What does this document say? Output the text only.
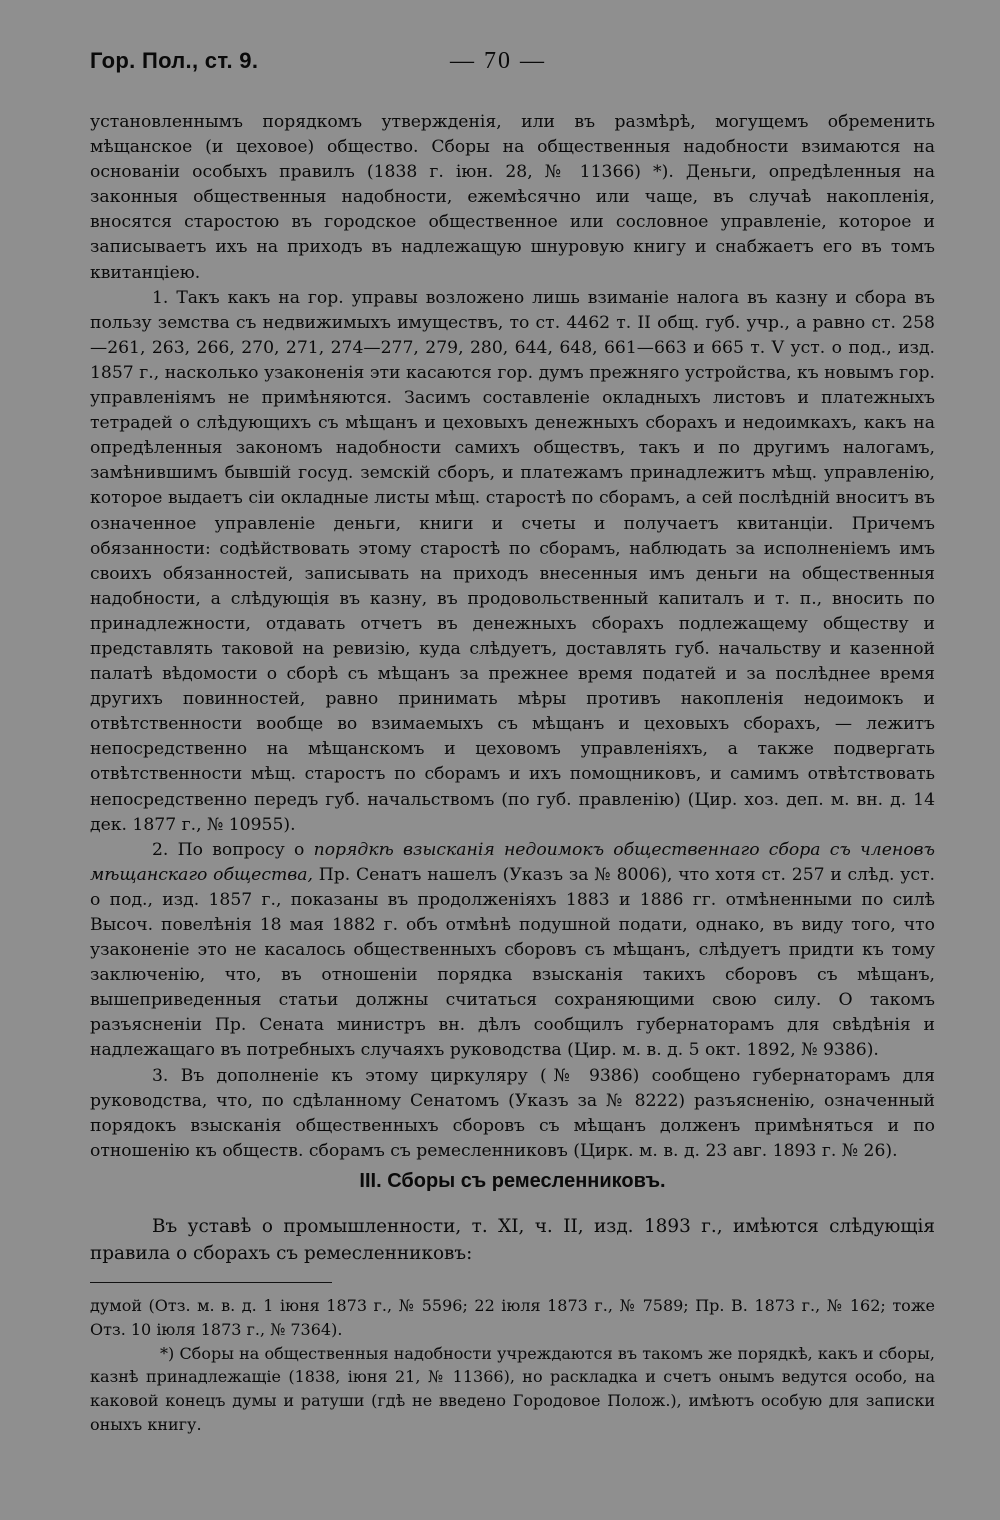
Гор. Пол., ст. 9.	— 70 —

установленнымъ порядкомъ утвержденія, или въ размѣрѣ, могущемъ обременить мѣщанское (и цеховое) общество. Сборы на общественныя надобности взимаются на основаніи особыхъ правилъ (1838 г. іюн. 28, № 11366) *). Деньги, опредѣленныя на законныя общественныя надобности, ежемѣсячно или чаще, въ случаѣ накопленія, вносятся старостою въ городское общественное или сословное управленіе, которое и записываетъ ихъ на приходъ въ надлежащую шнуровую книгу и снабжаетъ его въ томъ квитанціею.

1. Такъ какъ на гор. управы возложено лишь взиманіе налога въ казну и сбора въ пользу земства съ недвижимыхъ имуществъ, то ст. 4462 т. II общ. губ. учр., а равно ст. 258—261, 263, 266, 270, 271, 274—277, 279, 280, 644, 648, 661—663 и 665 т. V уст. о под., изд. 1857 г., насколько узаконенія эти касаются гор. думъ прежняго устройства, къ новымъ гор. управленіямъ не примѣняются. Засимъ составленіе окладныхъ листовъ и платежныхъ тетрадей о слѣдующихъ съ мѣщанъ и цеховыхъ денежныхъ сборахъ и недоимкахъ, какъ на опредѣленныя закономъ надобности самихъ обществъ, такъ и по другимъ налогамъ, замѣнившимъ бывшій госуд. земскій сборъ, и платежамъ принадлежитъ мѣщ. управленію, которое выдаетъ сіи окладные листы мѣщ. старостѣ по сборамъ, а сей послѣдній вноситъ въ означенное управленіе деньги, книги и счеты и получаетъ квитанціи. Причемъ обязанности: содѣйствовать этому старостѣ по сборамъ, наблюдать за исполненіемъ имъ своихъ обязанностей, записывать на приходъ внесенныя имъ деньги на общественныя надобности, а слѣдующія въ казну, въ продовольственный капиталъ и т. п., вносить по принадлежности, отдавать отчетъ въ денежныхъ сборахъ подлежащему обществу и представлять таковой на ревизію, куда слѣдуетъ, доставлять губ. начальству и казенной палатѣ вѣдомости о сборѣ съ мѣщанъ за прежнее время податей и за послѣднее время другихъ повинностей, равно принимать мѣры противъ накопленія недоимокъ и отвѣтственности вообще во взимаемыхъ съ мѣщанъ и цеховыхъ сборахъ, — лежитъ непосредственно на мѣщанскомъ и цеховомъ управленіяхъ, а также подвергать отвѣтственности мѣщ. старостъ по сборамъ и ихъ помощниковъ, и самимъ отвѣтствовать непосредственно передъ губ. начальствомъ (по губ. правленію) (Цир. хоз. деп. м. вн. д. 14 дек. 1877 г., № 10955).

2. По вопросу о порядкѣ взысканія недоимокъ общественнаго сбора съ членовъ мѣщанскаго общества, Пр. Сенатъ нашелъ (Указъ за № 8006), что хотя ст. 257 и слѣд. уст. о под., изд. 1857 г., показаны въ продолженіяхъ 1883 и 1886 гг. отмѣненными по силѣ Высоч. повелѣнія 18 мая 1882 г. объ отмѣнѣ подушной подати, однако, въ виду того, что узаконеніе это не касалось общественныхъ сборовъ съ мѣщанъ, слѣдуетъ придти къ тому заключенію, что, въ отношеніи порядка взысканія такихъ сборовъ съ мѣщанъ, вышеприведенныя статьи должны считаться сохраняющими свою силу. О такомъ разъясненіи Пр. Сената министръ вн. дѣлъ сообщилъ губернаторамъ для свѣдѣнія и надлежащаго въ потребныхъ случаяхъ руководства (Цир. м. в. д. 5 окт. 1892, № 9386).

3. Въ дополненіе къ этому циркуляру (№ 9386) сообщено губернаторамъ для руководства, что, по сдѣланному Сенатомъ (Указъ за № 8222) разъясненію, означенный порядокъ взысканія общественныхъ сборовъ съ мѣщанъ долженъ примѣняться и по отношенію къ обществ. сборамъ съ ремесленниковъ (Цирк. м. в. д. 23 авг. 1893 г. № 26).

III. Сборы съ ремесленниковъ.

Въ уставѣ о промышленности, т. XI, ч. II, изд. 1893 г., имѣются слѣдующія правила о сборахъ съ ремесленниковъ:

думой (Отз. м. в. д. 1 іюня 1873 г., № 5596; 22 іюля 1873 г., № 7589; Пр. В. 1873 г., № 162; тоже Отз. 10 іюля 1873 г., № 7364).

*) Сборы на общественныя надобности учреждаются въ такомъ же порядкѣ, какъ и сборы, казнѣ принадлежащіе (1838, іюня 21, № 11366), но раскладка и счетъ онымъ ведутся особо, на каковой конецъ думы и ратуши (гдѣ не введено Городовое Полож.), имѣютъ особую для записки оныхъ книгу.
